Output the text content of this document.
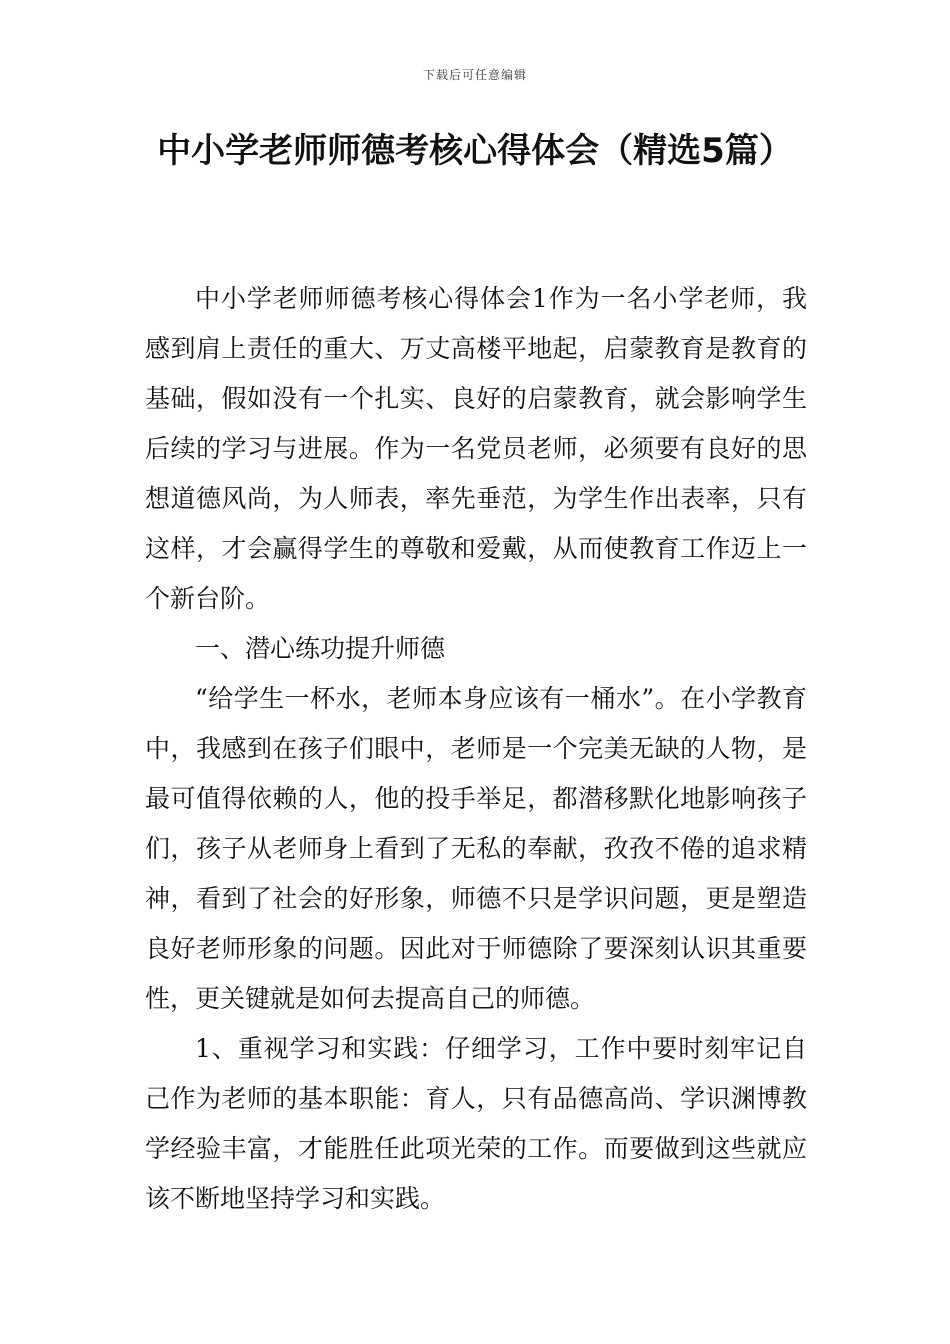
下载后可任意编辑
中小学老师师德考核心得体会（精选5篇）

中小学老师师德考核心得体会1作为一名小学老师，我感到肩上责任的重大、万丈高楼平地起，启蒙教育是教育的基础，假如没有一个扎实、良好的启蒙教育，就会影响学生后续的学习与进展。作为一名党员老师，必须要有良好的思想道德风尚，为人师表，率先垂范，为学生作出表率，只有这样，才会赢得学生的尊敬和爱戴，从而使教育工作迈上一个新台阶。

一、潜心练功提升师德

“给学生一杯水，老师本身应该有一桶水”。在小学教育中，我感到在孩子们眼中，老师是一个完美无缺的人物，是最可值得依赖的人，他的投手举足，都潜移默化地影响孩子们，孩子从老师身上看到了无私的奉献，孜孜不倦的追求精神，看到了社会的好形象，师德不只是学识问题，更是塑造良好老师形象的问题。因此对于师德除了要深刻认识其重要性，更关键就是如何去提高自己的师德。

1、重视学习和实践：仔细学习，工作中要时刻牢记自己作为老师的基本职能：育人，只有品德高尚、学识渊博教学经验丰富，才能胜任此项光荣的工作。而要做到这些就应该不断地坚持学习和实践。
